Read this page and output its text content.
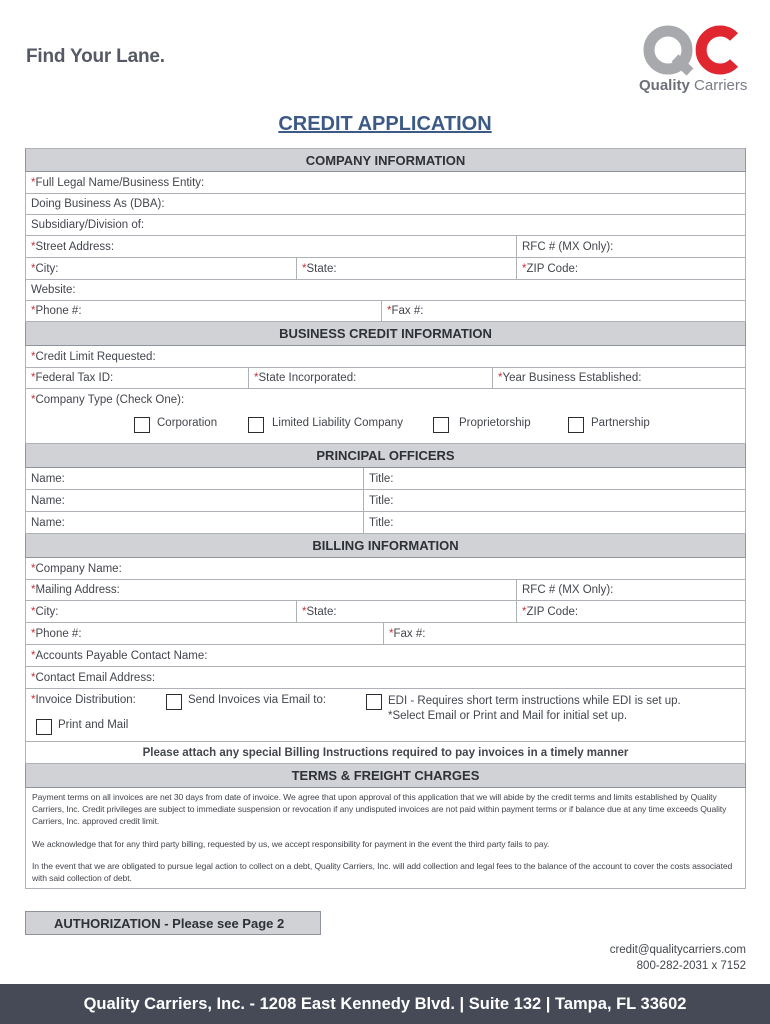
Find Your Lane.
Quality Carriers
CREDIT APPLICATION
COMPANY INFORMATION
* Full Legal Name/Business Entity:
Doing Business As (DBA):
Subsidiary/Division of:
* Street Address:	RFC # (MX Only):
* City:	* State:	* ZIP Code:
Website:
* Phone #:	* Fax #:
BUSINESS CREDIT INFORMATION
* Credit Limit Requested:
* Federal Tax ID:	* State Incorporated:	* Year Business Established:
*Company Type (Check One):
Corporation	Limited Liability Company	Proprietorship	Partnership
PRINCIPAL OFFICERS
Name:	Title:
Name:	Title:
Name:	Title:
BILLING INFORMATION
* Company Name:
* Mailing Address:	RFC # (MX Only):
* City:	* State:	* ZIP Code:
* Phone #:	* Fax #:
* Accounts Payable Contact Name:
* Contact Email Address:
*Invoice Distribution:	Send Invoices via Email to:	EDI - Requires short term instructions while EDI is set up.
*Select Email or Print and Mail for initial set up.
Print and Mail
Please attach any special Billing Instructions required to pay invoices in a timely manner
TERMS & FREIGHT CHARGES

Payment terms on all invoices are net 30 days from date of invoice. We agree that upon approval of this application that we will abide by the credit terms and limits established by Quality Carriers, Inc. Credit privileges are subject to immediate suspension or revocation if any undisputed invoices are not paid within payment terms or if balance due at any time exceeds Quality Carriers, Inc. approved credit limit.

We acknowledge that for any third party billing, requested by us, we accept responsibility for payment in the event the third party fails to pay.

In the event that we are obligated to pursue legal action to collect on a debt, Quality Carriers, Inc. will add collection and legal fees to the balance of the account to cover the costs associated with said collection of debt.

AUTHORIZATION - Please see Page 2
credit@qualitycarriers.com
800-282-2031 x 7152
Quality Carriers, Inc. - 1208 East Kennedy Blvd. | Suite 132 | Tampa, FL 33602
